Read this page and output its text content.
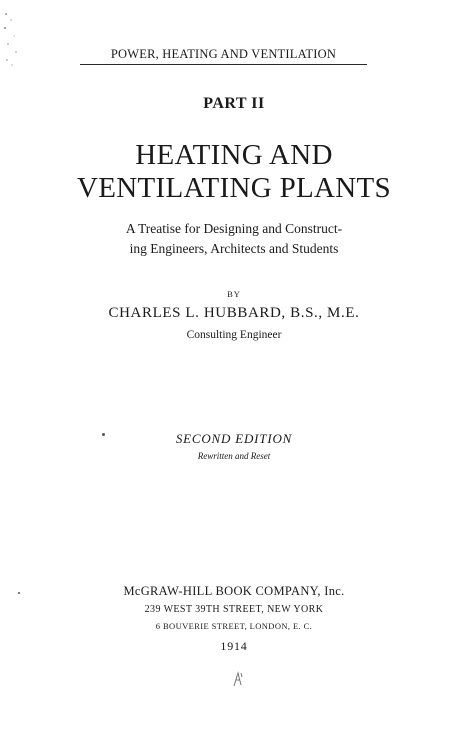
POWER, HEATING AND VENTILATION
PART II
HEATING AND
VENTILATING PLANTS
A Treatise for Designing and Construct-
ing Engineers, Architects and Students
BY
CHARLES L. HUBBARD, B.S., M.E.
Consulting Engineer
SECOND EDITION
Rewritten and Reset
McGRAW-HILL BOOK COMPANY, Inc.
239 WEST 39TH STREET, NEW YORK
6 BOUVERIE STREET, LONDON, E. C.
1914
